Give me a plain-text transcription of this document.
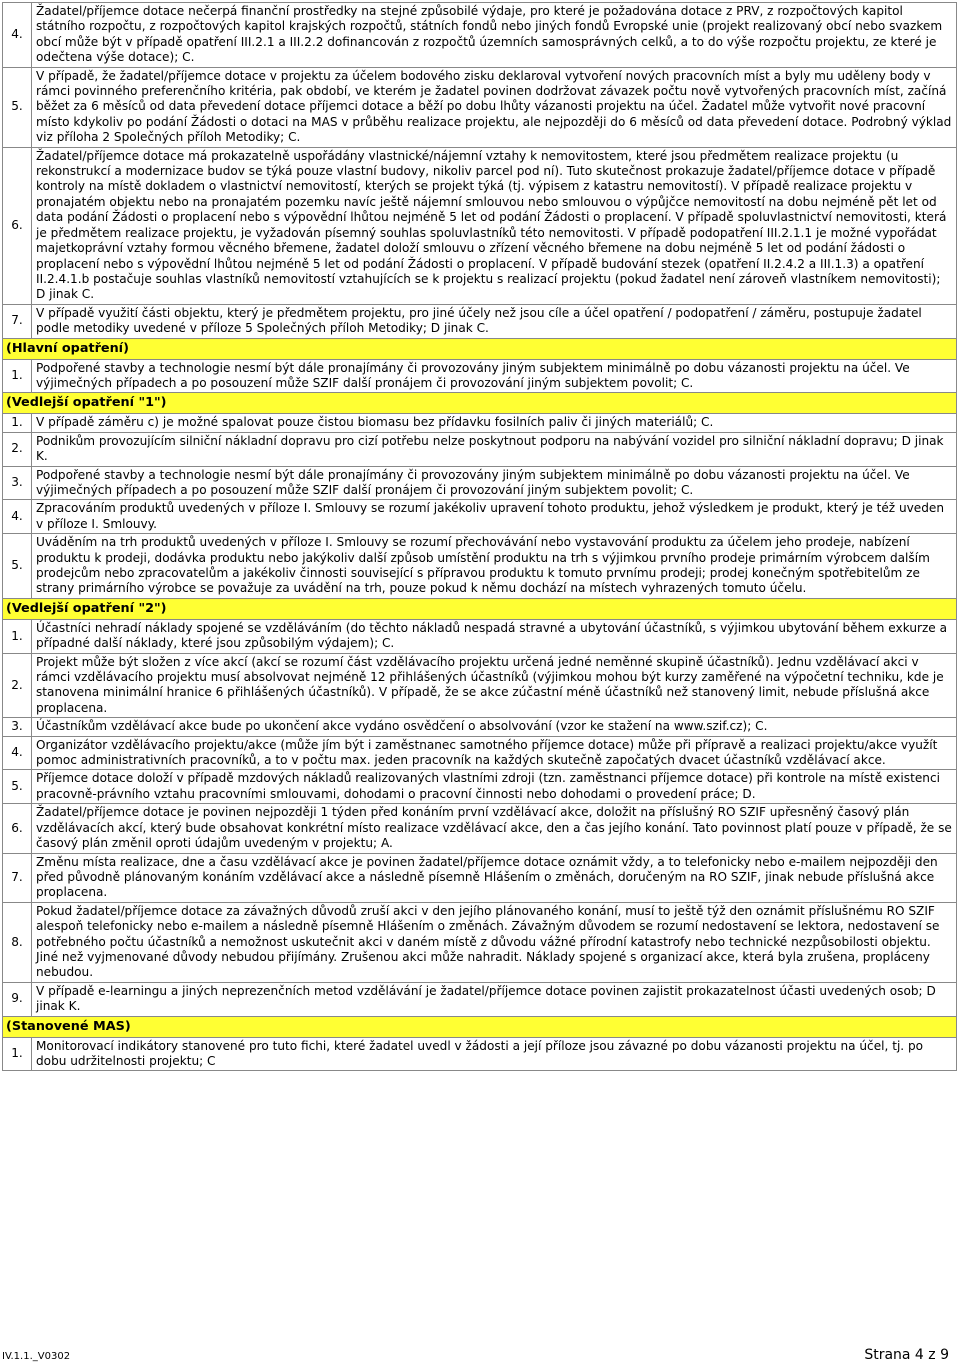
4.	Žadatel/příjemce dotace nečerpá finanční prostředky na stejné způsobilé výdaje, pro které je požadována dotace z PRV, z rozpočtových kapitol státního rozpočtu, z rozpočtových kapitol krajských rozpočtů, státních fondů nebo jiných fondů Evropské unie (projekt realizovaný obcí nebo svazkem obcí může být v případě opatření III.2.1 a III.2.2 dofinancován z rozpočtů územních samosprávných celků, a to do výše rozpočtu projektu, ze které je odečtena výše dotace); C.
5.	V případě, že žadatel/příjemce dotace v projektu za účelem bodového zisku deklaroval vytvoření nových pracovních míst a byly mu uděleny body v rámci povinného preferenčního kritéria, pak období, ve kterém je žadatel povinen dodržovat závazek počtu nově vytvořených pracovních míst, začíná běžet za 6 měsíců od data převedení dotace příjemci dotace a běží po dobu lhůty vázanosti projektu na účel. Žadatel může vytvořit nové pracovní místo kdykoliv po podání Žádosti o dotaci na MAS v průběhu realizace projektu, ale nejpozději do 6 měsíců od data převedení dotace. Podrobný výklad viz příloha 2 Společných příloh Metodiky; C.
6.	Žadatel/příjemce dotace má prokazatelně uspořádány vlastnické/nájemní vztahy k nemovitostem, které jsou předmětem realizace projektu (u rekonstrukcí a modernizace budov se týká pouze vlastní budovy, nikoliv parcel pod ní). Tuto skutečnost prokazuje žadatel/příjemce dotace v případě kontroly na místě dokladem o vlastnictví nemovitostí, kterých se projekt týká (tj. výpisem z katastru nemovitostí). V případě realizace projektu v pronajatém objektu nebo na pronajatém pozemku navíc ještě nájemní smlouvou nebo smlouvou o výpůjčce nemovitostí na dobu nejméně pět let od data podání Žádosti o proplacení nebo s výpovědní lhůtou nejméně 5 let od podání Žádosti o proplacení. V případě spoluvlastnictví nemovitosti, která je předmětem realizace projektu, je vyžadován písemný souhlas spoluvlastníků této nemovitosti. V případě podopatření III.2.1.1 je možné vypořádat majetkoprávní vztahy formou věcného břemene, žadatel doloží smlouvu o zřízení věcného břemene na dobu nejméně 5 let od podání žádosti o proplacení nebo s výpovědní lhůtou nejméně 5 let od podání Žádosti o proplacení. V případě budování stezek (opatření II.2.4.2 a III.1.3) a opatření II.2.4.1.b postačuje souhlas vlastníků nemovitostí vztahujících se k projektu s realizací projektu (pokud žadatel není zároveň vlastníkem nemovitosti); D jinak C.
7.	V případě využití části objektu, který je předmětem projektu, pro jiné účely než jsou cíle a účel opatření / podopatření / záměru, postupuje žadatel podle metodiky uvedené v příloze 5 Společných příloh Metodiky; D jinak C.
(Hlavní opatření)	
1.	Podpořené stavby a technologie nesmí být dále pronajímány či provozovány jiným subjektem minimálně po dobu vázanosti projektu na účel. Ve výjimečných případech a po posouzení může SZIF další pronájem či provozování jiným subjektem povolit; C.
(Vedlejší opatření "1")	
1.	V případě záměru c) je možné spalovat pouze čistou biomasu bez přídavku fosilních paliv či jiných materiálů; C.
2.	Podnikům provozujícím silniční nákladní dopravu pro cizí potřebu nelze poskytnout podporu na nabývání vozidel pro silniční nákladní dopravu; D jinak K.
3.	Podpořené stavby a technologie nesmí být dále pronajímány či provozovány jiným subjektem minimálně po dobu vázanosti projektu na účel. Ve výjimečných případech a po posouzení může SZIF další pronájem či provozování jiným subjektem povolit; C.
4.	Zpracováním produktů uvedených v příloze I. Smlouvy se rozumí jakékoliv upravení tohoto produktu, jehož výsledkem je produkt, který je též uveden v příloze I. Smlouvy.
5.	Uváděním na trh produktů uvedených v příloze I. Smlouvy se rozumí přechovávání nebo vystavování produktu za účelem jeho prodeje, nabízení produktu k prodeji, dodávka produktu nebo jakýkoliv další způsob umístění produktu na trh s výjimkou prvního prodeje primárním výrobcem dalším prodejcům nebo zpracovatelům a jakékoliv činnosti související s přípravou produktu k tomuto prvnímu prodeji; prodej konečným spotřebitelům ze strany primárního výrobce se považuje za uvádění na trh, pouze pokud k němu dochází na místech vyhrazených tomuto účelu.
(Vedlejší opatření "2")	
1.	Účastníci nehradí náklady spojené se vzděláváním (do těchto nákladů nespadá stravné a ubytování účastníků, s výjimkou ubytování během exkurze a případné další náklady, které jsou způsobilým výdajem); C.
2.	Projekt může být složen z více akcí (akcí se rozumí část vzdělávacího projektu určená jedné neměnné skupině účastníků). Jednu vzdělávací akci v rámci vzdělávacího projektu musí absolvovat nejméně 12 přihlášených účastníků (výjimkou mohou být kurzy zaměřené na výpočetní techniku, kde je stanovena minimální hranice 6 přihlášených účastníků). V případě, že se akce zúčastní méně účastníků než stanovený limit, nebude příslušná akce proplacena.
3.	Účastníkům vzdělávací akce bude po ukončení akce vydáno osvědčení o absolvování (vzor ke stažení na www.szif.cz); C.
4.	Organizátor vzdělávacího projektu/akce (může jím být i zaměstnanec samotného příjemce dotace) může při přípravě a realizaci projektu/akce využít pomoc administrativních pracovníků, a to v počtu max. jeden pracovník na každých skutečně započatých dvacet účastníků vzdělávací akce.
5.	Příjemce dotace doloží v případě mzdových nákladů realizovaných vlastními zdroji (tzn. zaměstnanci příjemce dotace) při kontrole na místě existenci pracovně-právního vztahu pracovními smlouvami, dohodami o pracovní činnosti nebo dohodami o provedení práce; D.
6.	Žadatel/příjemce dotace je povinen nejpozději 1 týden před konáním první vzdělávací akce, doložit na příslušný RO SZIF upřesněný časový plán vzdělávacích akcí, který bude obsahovat konkrétní místo realizace vzdělávací akce, den a čas jejího konání. Tato povinnost platí pouze v případě, že se časový plán změnil oproti údajům uvedeným v projektu; A.
7.	Změnu místa realizace, dne a času vzdělávací akce je povinen žadatel/příjemce dotace oznámit vždy, a to telefonicky nebo e-mailem nejpozději den před původně plánovaným konáním vzdělávací akce a následně písemně Hlášením o změnách, doručeným na RO SZIF, jinak nebude příslušná akce proplacena.
8.	Pokud žadatel/příjemce dotace za závažných důvodů zruší akci v den jejího plánovaného konání, musí to ještě týž den oznámit příslušnému RO SZIF alespoň telefonicky nebo e-mailem a následně písemně Hlášením o změnách. Závažným důvodem se rozumí nedostavení se lektora, nedostavení se potřebného počtu účastníků a nemožnost uskutečnit akci v daném místě z důvodu vážné přírodní katastrofy nebo technické nezpůsobilosti objektu. Jiné než vyjmenované důvody nebudou přijímány. Zrušenou akci může nahradit. Náklady spojené s organizací akce, která byla zrušena, propláceny nebudou.
9.	V případě e-learningu a jiných neprezenčních metod vzdělávání je žadatel/příjemce dotace povinen zajistit prokazatelnost účasti uvedených osob; D jinak K.
(Stanovené MAS)	
1.	Monitorovací indikátory stanovené pro tuto fichi, které žadatel uvedl v žádosti a její příloze jsou závazné po dobu vázanosti projektu na účel, tj. po dobu udržitelnosti projektu; C
IV.1.1._V0302	Strana 4 z 9
